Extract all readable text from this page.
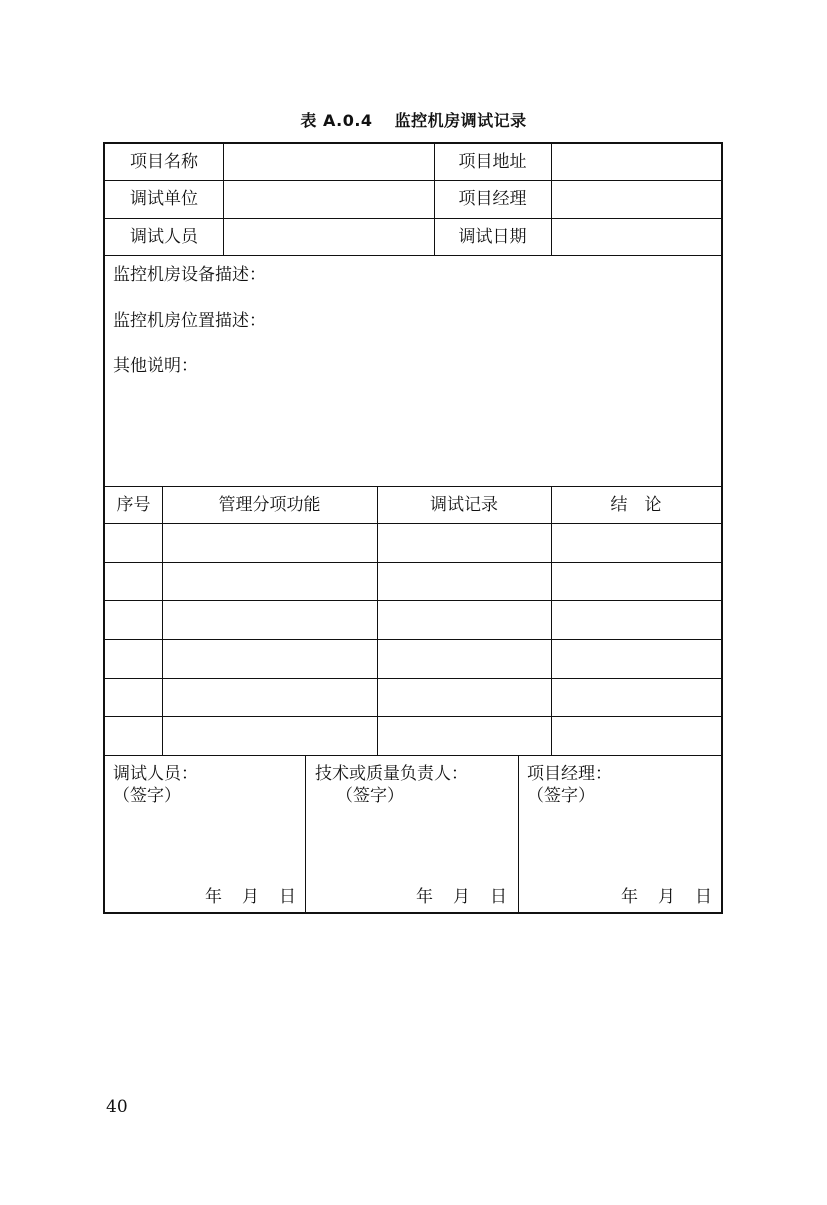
表 A.0.4 监控机房调试记录
项目名称	项目地址
调试单位	项目经理
调试人员	调试日期
监控机房设备描述：
监控机房位置描述：
其他说明：
序号	管理分项功能	调试记录	结　论
调试人员：
（签字）
年 月 日
技术或质量负责人：
（签字）
年 月 日
项目经理：
（签字）
年 月 日
40
